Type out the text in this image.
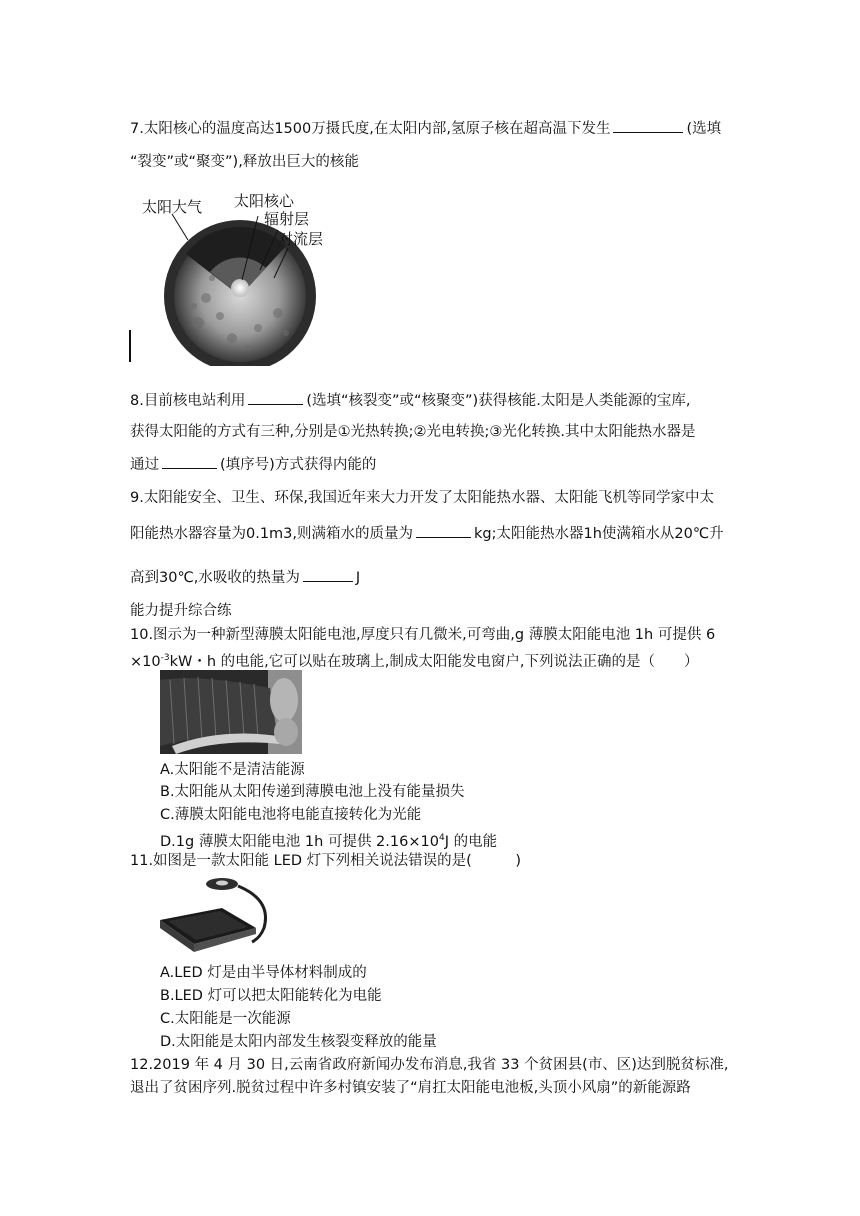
7.太阳核心的温度高达1500万摄氏度,在太阳内部,氢原子核在超高温下发生	(选填
“裂变”或“聚变”),释放出巨大的核能
太阳大气 太阳核心
辐射层
对流层
8.目前核电站利用	(选填“核裂变”或“核聚变”)获得核能.太阳是人类能源的宝库,
获得太阳能的方式有三种,分别是①光热转换;②光电转换;③光化转换.其中太阳能热水器是
通过	(填序号)方式获得内能的
9.太阳能安全、卫生、环保,我国近年来大力开发了太阳能热水器、太阳能飞机等同学家中太
阳能热水器容量为0.1m3,则满箱水的质量为	kg;太阳能热水器1h使满箱水从20℃升
高到30℃,水吸收的热量为	J
能力提升综合练
10.图示为一种新型薄膜太阳能电池,厚度只有几微米,可弯曲,g 薄膜太阳能电池 1h 可提供 6
$\times 10^{-3}kW$・h 的电能,它可以贴在玻璃上,制成太阳能发电窗户,下列说法正确的是（　　）
A.太阳能不是清洁能源
B.太阳能从太阳传递到薄膜电池上没有能量损失
C.薄膜太阳能电池将电能直接转化为光能
D.1g 薄膜太阳能电池 1h 可提供 $2.16\times 10^4J$ 的电能
11.如图是一款太阳能 LED 灯下列相关说法错误的是(　　　)
A.LED 灯是由半导体材料制成的
B.LED 灯可以把太阳能转化为电能
C.太阳能是一次能源
D.太阳能是太阳内部发生核裂变释放的能量
12.2019 年 4 月 30 日,云南省政府新闻办发布消息,我省 33 个贫困县(市、区)达到脱贫标准,
退出了贫困序列.脱贫过程中许多村镇安装了“肩扛太阳能电池板,头顶小风扇”的新能源路
